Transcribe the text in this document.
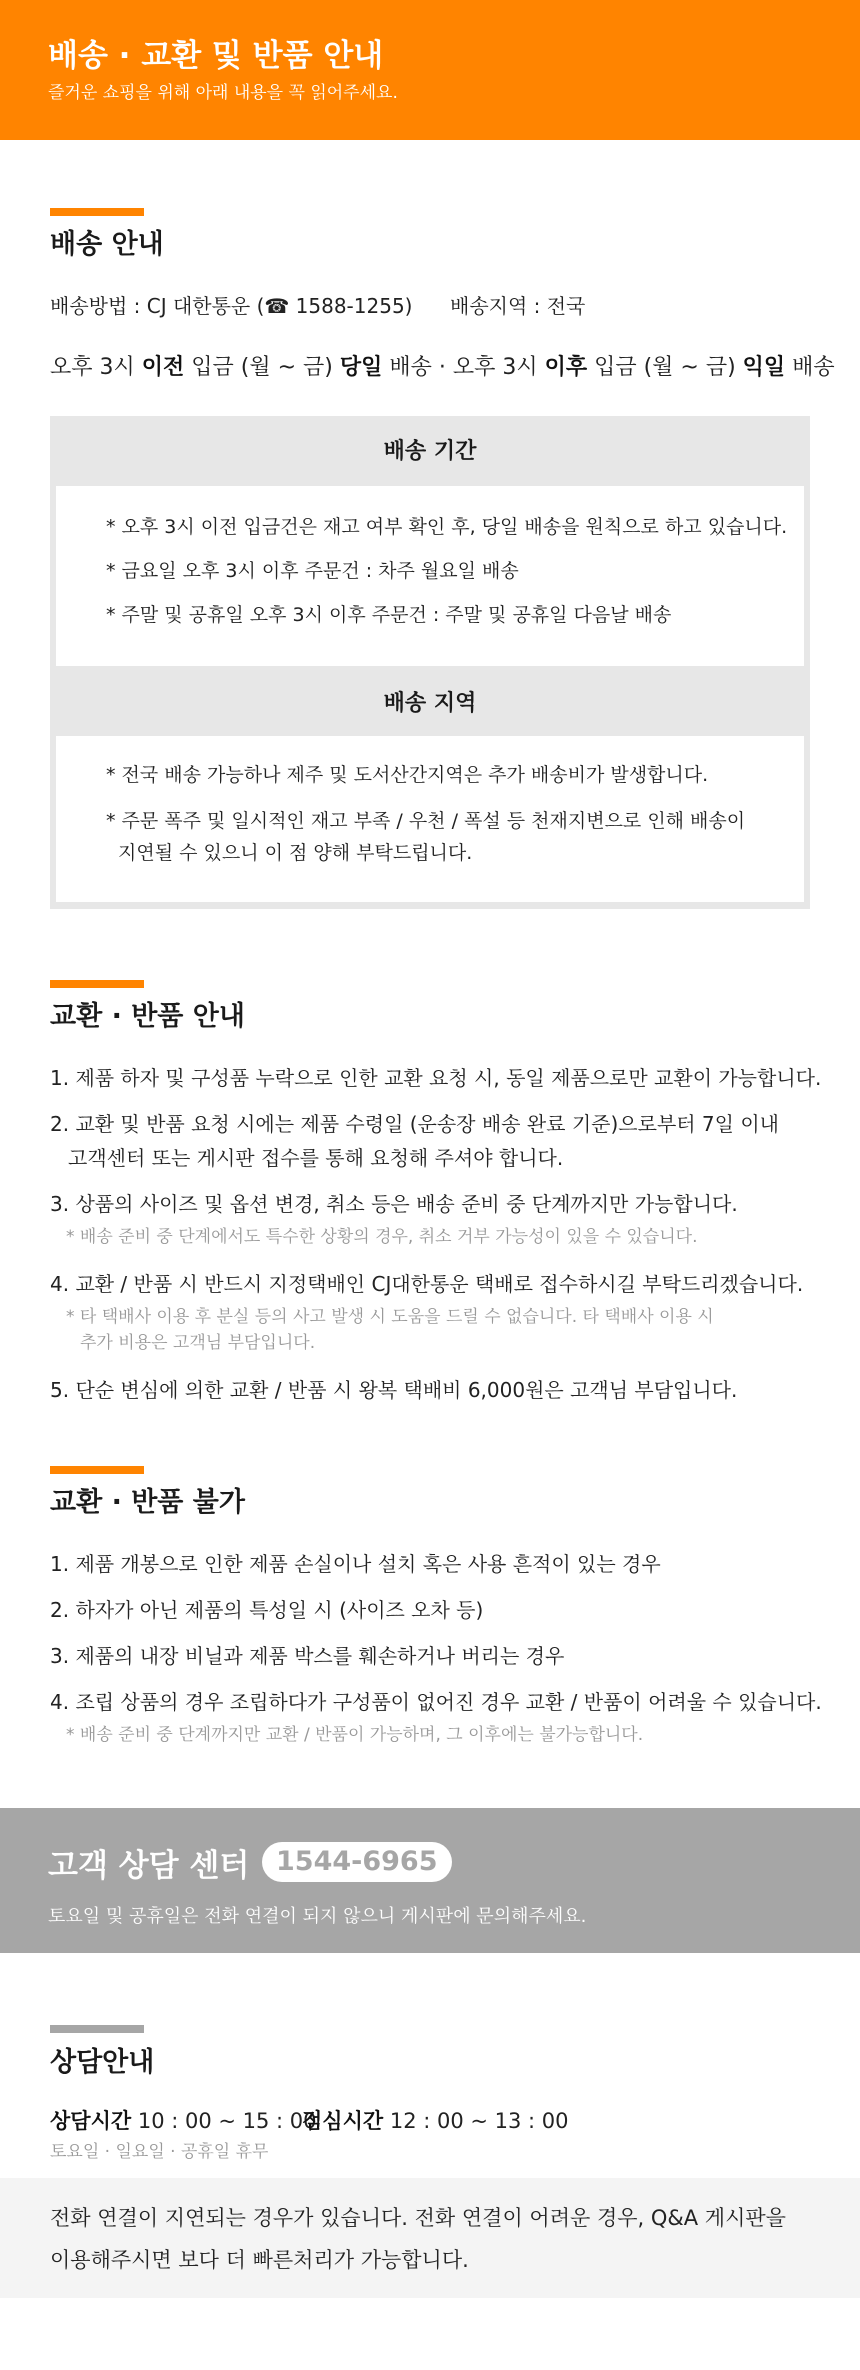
배송 · 교환 및 반품 안내
즐거운 쇼핑을 위해 아래 내용을 꼭 읽어주세요.
배송 안내
배송방법 : CJ 대한통운 (☎ 1588-1255) 배송지역 : 전국
오후 3시 이전 입금 (월 ~ 금) 당일 배송 · 오후 3시 이후 입금 (월 ~ 금) 익일 배송
배송 기간
* 오후 3시 이전 입금건은 재고 여부 확인 후, 당일 배송을 원칙으로 하고 있습니다.
* 금요일 오후 3시 이후 주문건 : 차주 월요일 배송
* 주말 및 공휴일 오후 3시 이후 주문건 : 주말 및 공휴일 다음날 배송
배송 지역
* 전국 배송 가능하나 제주 및 도서산간지역은 추가 배송비가 발생합니다.
* 주문 폭주 및 일시적인 재고 부족 / 우천 / 폭설 등 천재지변으로 인해 배송이
지연될 수 있으니 이 점 양해 부탁드립니다.
교환 · 반품 안내
1. 제품 하자 및 구성품 누락으로 인한 교환 요청 시, 동일 제품으로만 교환이 가능합니다.
2. 교환 및 반품 요청 시에는 제품 수령일 (운송장 배송 완료 기준)으로부터 7일 이내
고객센터 또는 게시판 접수를 통해 요청해 주셔야 합니다.
3. 상품의 사이즈 및 옵션 변경, 취소 등은 배송 준비 중 단계까지만 가능합니다.
* 배송 준비 중 단계에서도 특수한 상황의 경우, 취소 거부 가능성이 있을 수 있습니다.
4. 교환 / 반품 시 반드시 지정택배인 CJ대한통운 택배로 접수하시길 부탁드리겠습니다.
* 타 택배사 이용 후 분실 등의 사고 발생 시 도움을 드릴 수 없습니다. 타 택배사 이용 시
추가 비용은 고객님 부담입니다.
5. 단순 변심에 의한 교환 / 반품 시 왕복 택배비 6,000원은 고객님 부담입니다.
교환 · 반품 불가
1. 제품 개봉으로 인한 제품 손실이나 설치 혹은 사용 흔적이 있는 경우
2. 하자가 아닌 제품의 특성일 시 (사이즈 오차 등)
3. 제품의 내장 비닐과 제품 박스를 훼손하거나 버리는 경우
4. 조립 상품의 경우 조립하다가 구성품이 없어진 경우 교환 / 반품이 어려울 수 있습니다.
* 배송 준비 중 단계까지만 교환 / 반품이 가능하며, 그 이후에는 불가능합니다.
고객 상담 센터 1544-6965
토요일 및 공휴일은 전화 연결이 되지 않으니 게시판에 문의해주세요.
상담안내
상담시간 10 : 00 ~ 15 : 00
점심시간 12 : 00 ~ 13 : 00
토요일 · 일요일 · 공휴일 휴무
전화 연결이 지연되는 경우가 있습니다. 전화 연결이 어려운 경우, Q&A 게시판을
이용해주시면 보다 더 빠른처리가 가능합니다.
